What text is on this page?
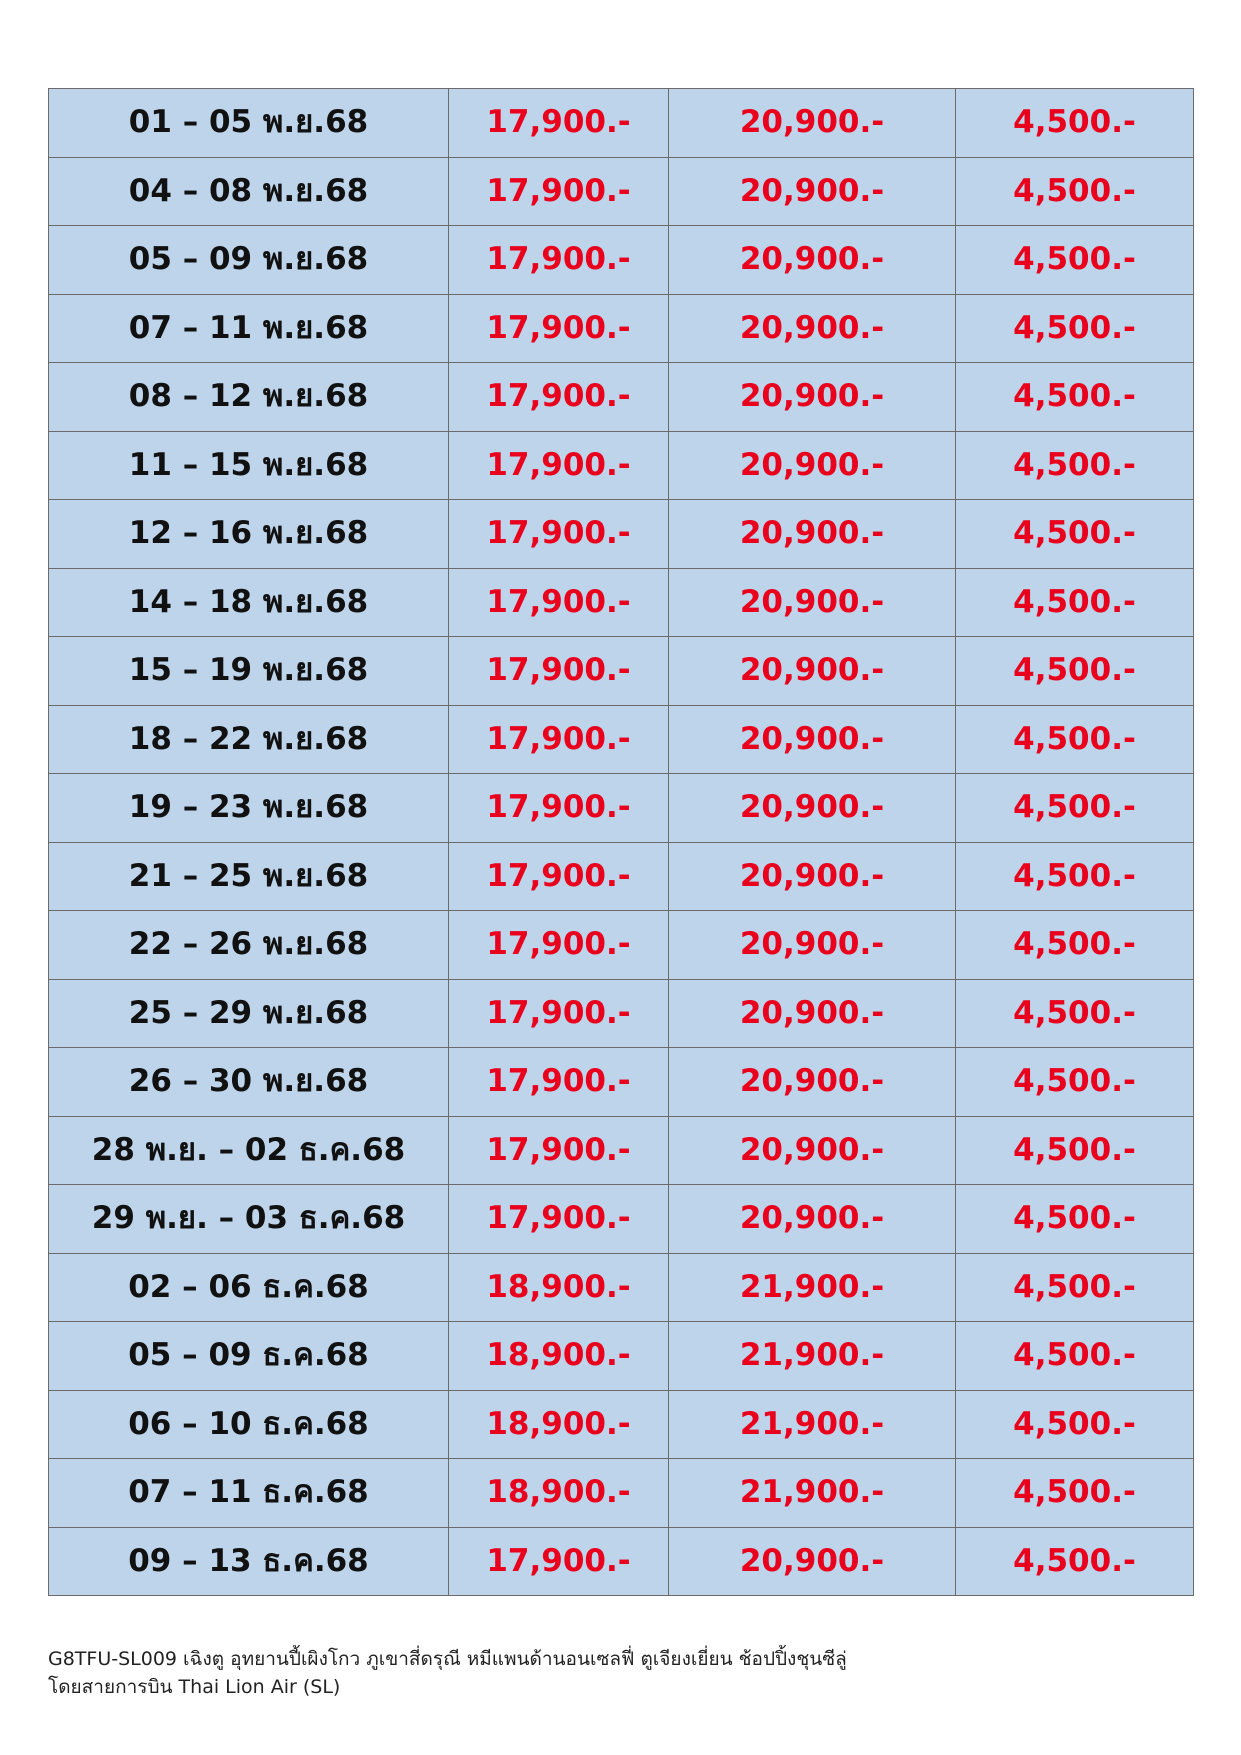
01 – 05 พ.ย.68	17,900.-	20,900.-	4,500.-
04 – 08 พ.ย.68	17,900.-	20,900.-	4,500.-
05 – 09 พ.ย.68	17,900.-	20,900.-	4,500.-
07 – 11 พ.ย.68	17,900.-	20,900.-	4,500.-
08 – 12 พ.ย.68	17,900.-	20,900.-	4,500.-
11 – 15 พ.ย.68	17,900.-	20,900.-	4,500.-
12 – 16 พ.ย.68	17,900.-	20,900.-	4,500.-
14 – 18 พ.ย.68	17,900.-	20,900.-	4,500.-
15 – 19 พ.ย.68	17,900.-	20,900.-	4,500.-
18 – 22 พ.ย.68	17,900.-	20,900.-	4,500.-
19 – 23 พ.ย.68	17,900.-	20,900.-	4,500.-
21 – 25 พ.ย.68	17,900.-	20,900.-	4,500.-
22 – 26 พ.ย.68	17,900.-	20,900.-	4,500.-
25 – 29 พ.ย.68	17,900.-	20,900.-	4,500.-
26 – 30 พ.ย.68	17,900.-	20,900.-	4,500.-
28 พ.ย. – 02 ธ.ค.68	17,900.-	20,900.-	4,500.-
29 พ.ย. – 03 ธ.ค.68	17,900.-	20,900.-	4,500.-
02 – 06 ธ.ค.68	18,900.-	21,900.-	4,500.-
05 – 09 ธ.ค.68	18,900.-	21,900.-	4,500.-
06 – 10 ธ.ค.68	18,900.-	21,900.-	4,500.-
07 – 11 ธ.ค.68	18,900.-	21,900.-	4,500.-
09 – 13 ธ.ค.68	17,900.-	20,900.-	4,500.-
G8TFU-SL009 เฉิงตู อุทยานปี้เผิงโกว ภูเขาสี่ดรุณี หมีแพนด้านอนเซลฟี่ ตูเจียงเยี่ยน ช้อปปิ้งชุนซีลู่
โดยสายการบิน Thai Lion Air (SL)
